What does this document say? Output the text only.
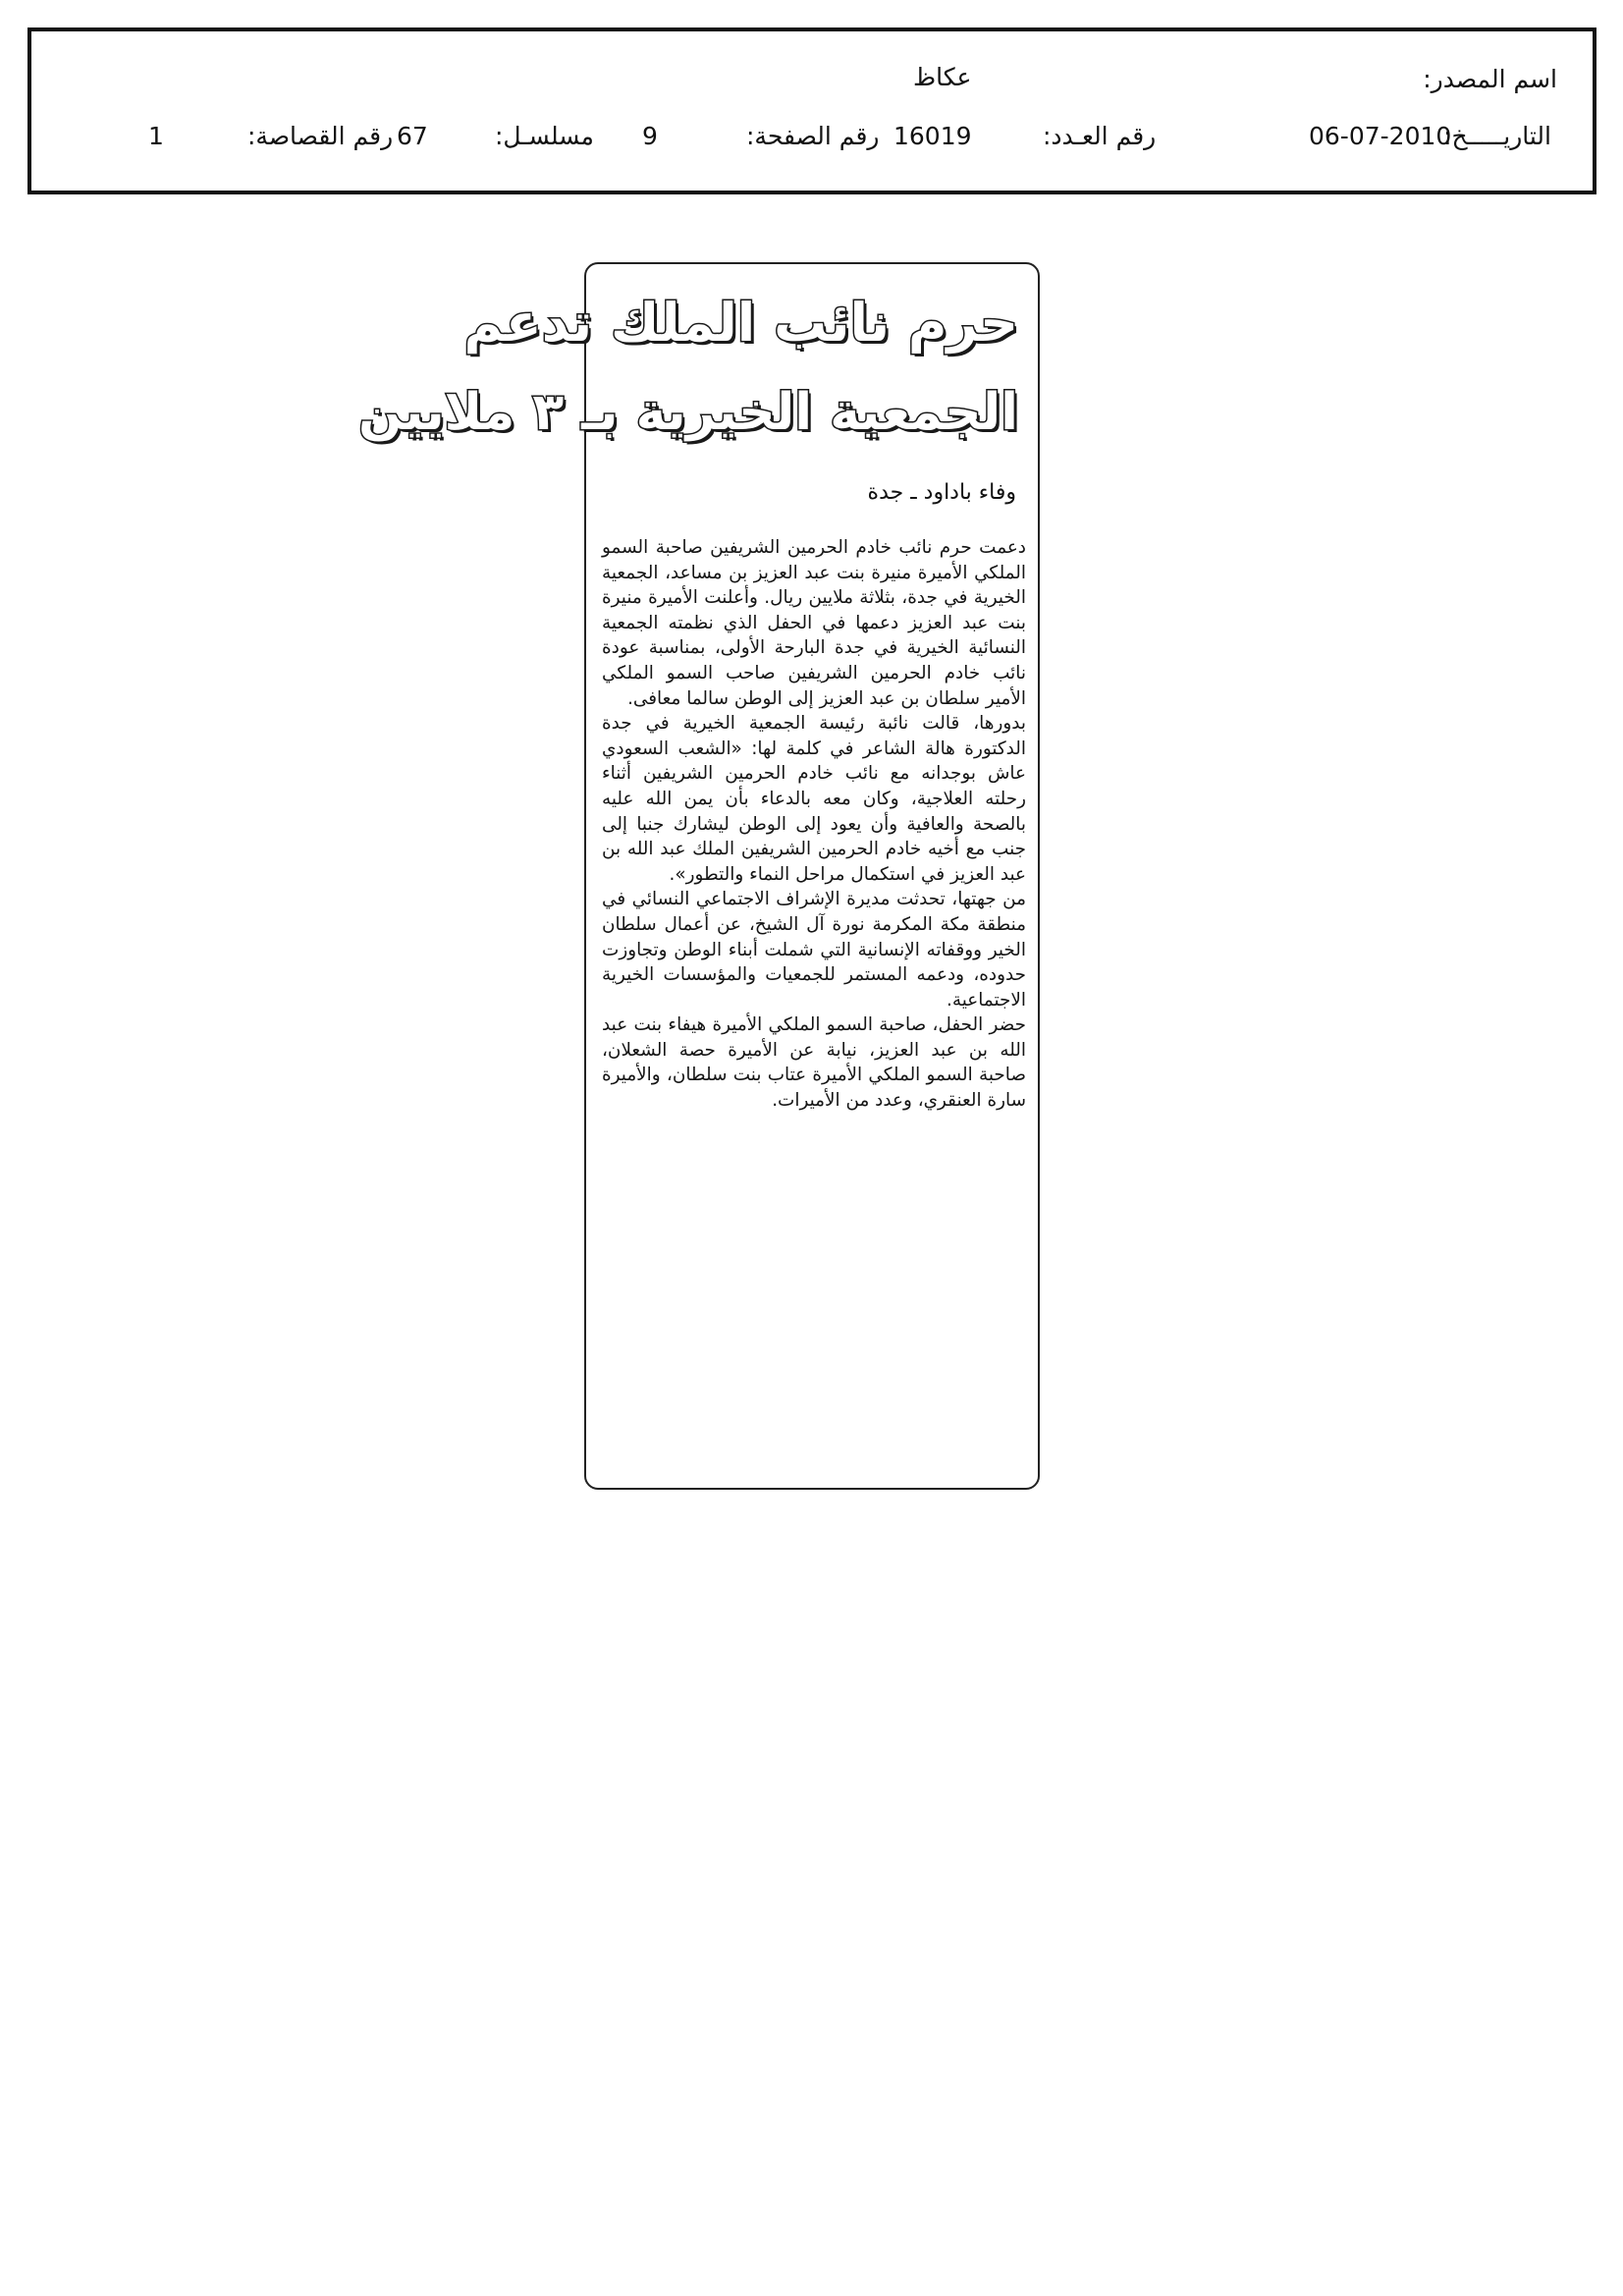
اسم المصدر:
عكاظ
التاريـــــخ:
06-07-2010
رقم العـدد:
16019
رقم الصفحة:
9
مسلسـل:
67
رقم القصاصة:
1
حرم نائب الملك تدعم
الجمعية الخيرية بـ ٣ ملايين
وفاء باداود ـ جدة

دعمت حرم نائب خادم الحرمين الشريفين صاحبة السمو الملكي الأميرة منيرة بنت عبد العزيز بن مساعد، الجمعية الخيرية في جدة، بثلاثة ملايين ريال. وأعلنت الأميرة منيرة بنت عبد العزيز دعمها في الحفل الذي نظمته الجمعية النسائية الخيرية في جدة البارحة الأولى، بمناسبة عودة نائب خادم الحرمين الشريفين صاحب السمو الملكي الأمير سلطان بن عبد العزيز إلى الوطن سالما معافى.

بدورها، قالت نائبة رئيسة الجمعية الخيرية في جدة الدكتورة هالة الشاعر في كلمة لها: «الشعب السعودي عاش بوجدانه مع نائب خادم الحرمين الشريفين أثناء رحلته العلاجية، وكان معه بالدعاء بأن يمن الله عليه بالصحة والعافية وأن يعود إلى الوطن ليشارك جنبا إلى جنب مع أخيه خادم الحرمين الشريفين الملك عبد الله بن عبد العزيز في استكمال مراحل النماء والتطور».

من جهتها، تحدثت مديرة الإشراف الاجتماعي النسائي في منطقة مكة المكرمة نورة آل الشيخ، عن أعمال سلطان الخير ووقفاته الإنسانية التي شملت أبناء الوطن وتجاوزت حدوده، ودعمه المستمر للجمعيات والمؤسسات الخيرية الاجتماعية.

حضر الحفل، صاحبة السمو الملكي الأميرة هيفاء بنت عبد الله بن عبد العزيز، نيابة عن الأميرة حصة الشعلان، صاحبة السمو الملكي الأميرة عتاب بنت سلطان، والأميرة سارة العنقري، وعدد من الأميرات.
